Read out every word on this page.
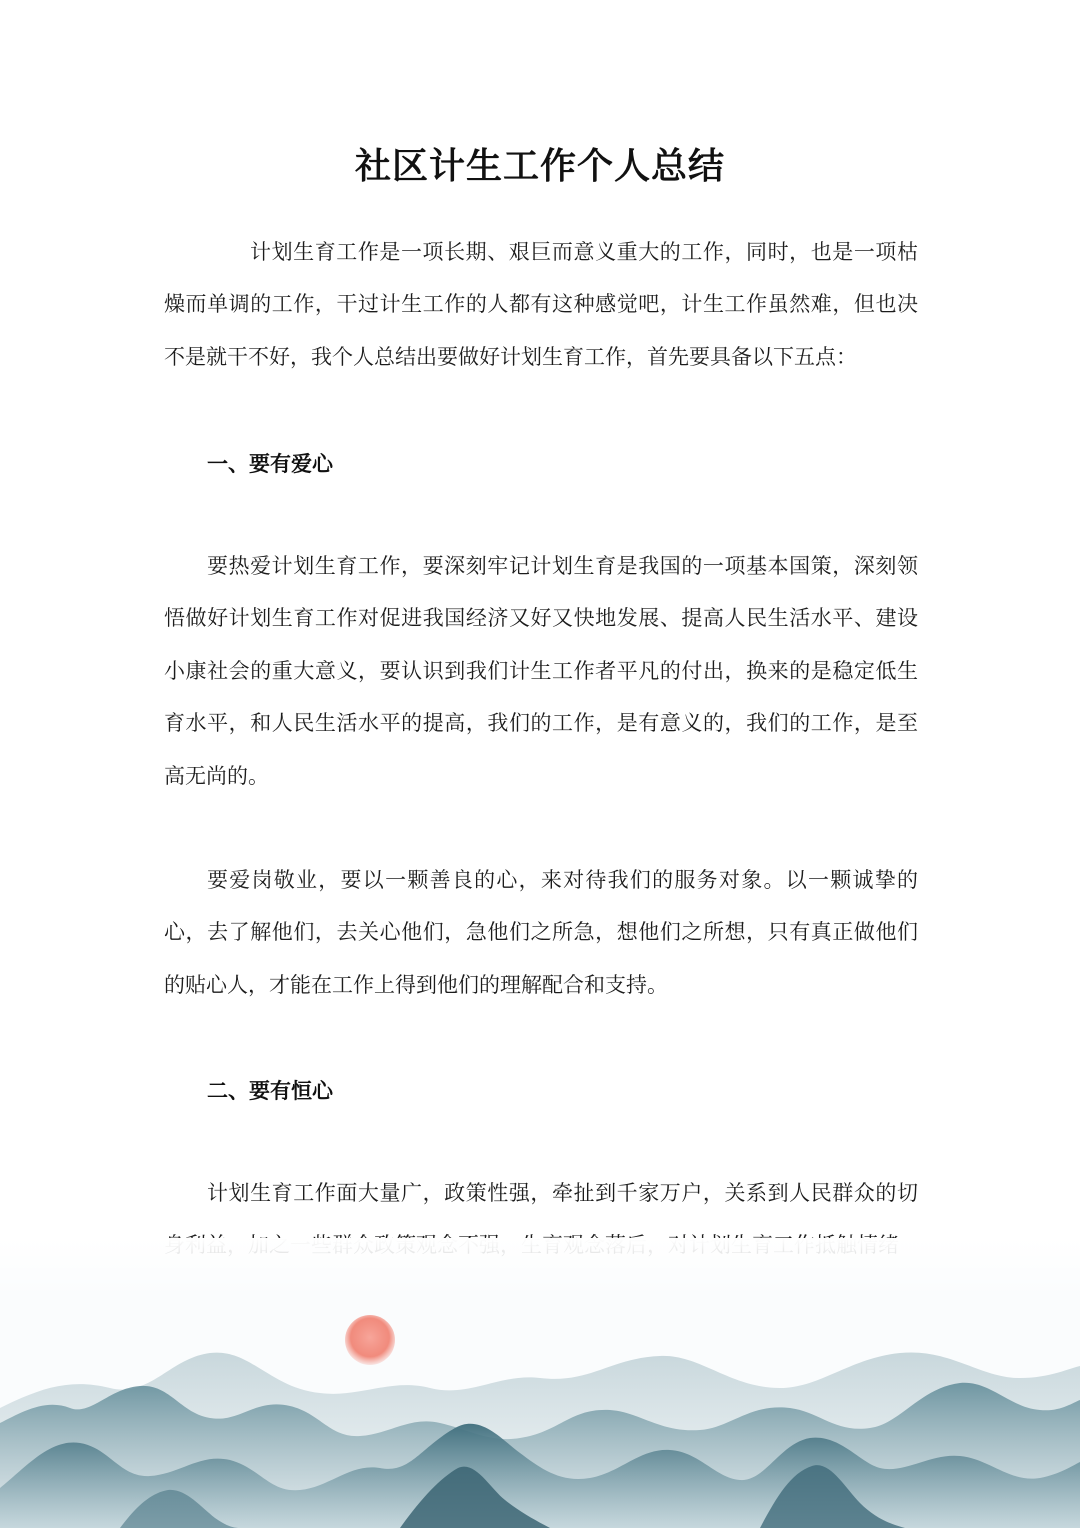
社区计生工作个人总结

计划生育工作是一项长期、艰巨而意义重大的工作，同时，也是一项枯燥而单调的工作，干过计生工作的人都有这种感觉吧，计生工作虽然难，但也决不是就干不好，我个人总结出要做好计划生育工作，首先要具备以下五点：

一、要有爱心

要热爱计划生育工作，要深刻牢记计划生育是我国的一项基本国策，深刻领悟做好计划生育工作对促进我国经济又好又快地发展、提高人民生活水平、建设小康社会的重大意义，要认识到我们计生工作者平凡的付出，换来的是稳定低生育水平，和人民生活水平的提高，我们的工作，是有意义的，我们的工作，是至高无尚的。

要爱岗敬业，要以一颗善良的心，来对待我们的服务对象。以一颗诚挚的心，去了解他们，去关心他们，急他们之所急，想他们之所想，只有真正做他们的贴心人，才能在工作上得到他们的理解配合和支持。

二、要有恒心

计划生育工作面大量广，政策性强，牵扯到千家万户，关系到人民群众的切
